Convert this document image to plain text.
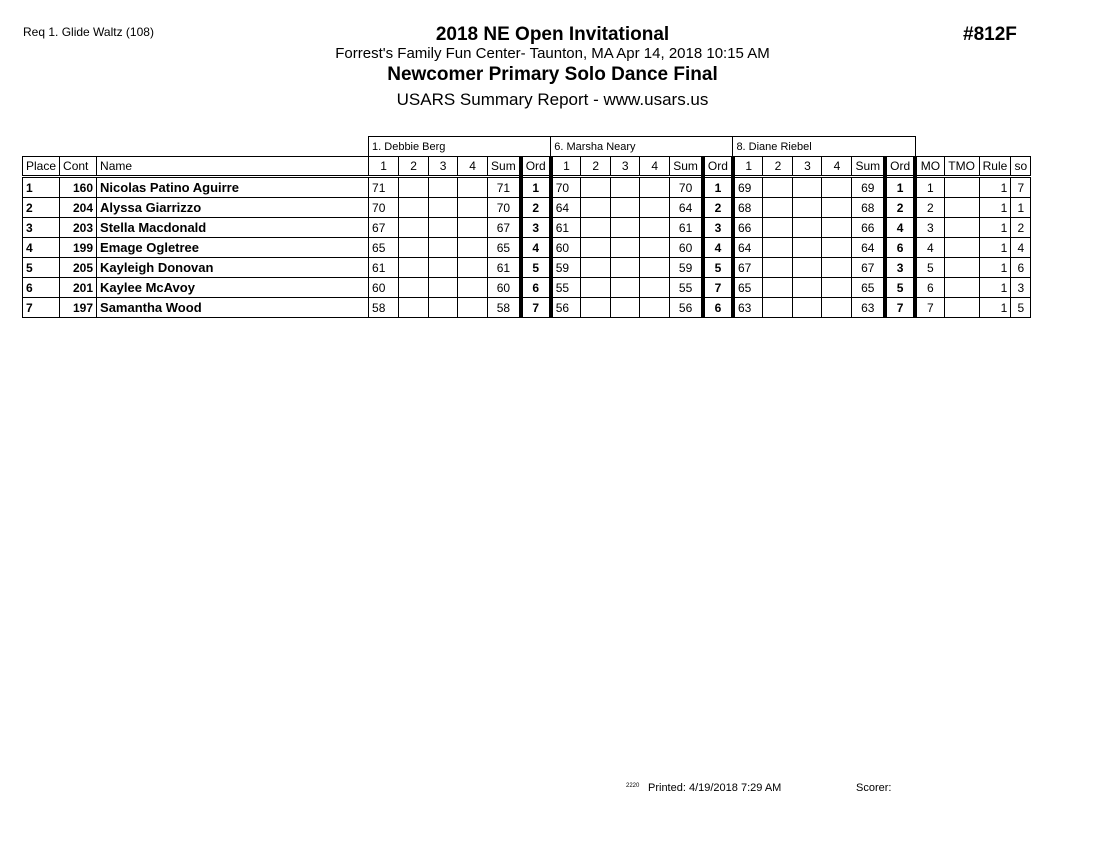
Req 1. Glide Waltz (108)	2018 NE Open Invitational
Forrest's Family Fun Center- Taunton, MA Apr 14, 2018 10:15 AM
Newcomer Primary Solo Dance Final
USARS Summary Report - www.usars.us
#812F
			1. Debbie Berg						6. Marsha Neary						8. Diane Riebel									
Place	Cont	Name	1	2	3	4	Sum	Ord	1	2	3	4	Sum	Ord	1	2	3	4	Sum	Ord	MO	TMO	Rule	so
1	160	Nicolas Patino Aguirre	71				71	1	70				70	1	69				69	1	1		1	7
2	204	Alyssa Giarrizzo	70				70	2	64				64	2	68				68	2	2		1	1
3	203	Stella Macdonald	67				67	3	61				61	3	66				66	4	3		1	2
4	199	Emage Ogletree	65				65	4	60				60	4	64				64	6	4		1	4
5	205	Kayleigh Donovan	61				61	5	59				59	5	67				67	3	5		1	6
6	201	Kaylee McAvoy	60				60	6	55				55	7	65				65	5	6		1	3
7	197	Samantha Wood	58				58	7	56				56	6	63				63	7	7		1	5
2220 Printed: 4/19/2018 7:29 AM	Scorer:
